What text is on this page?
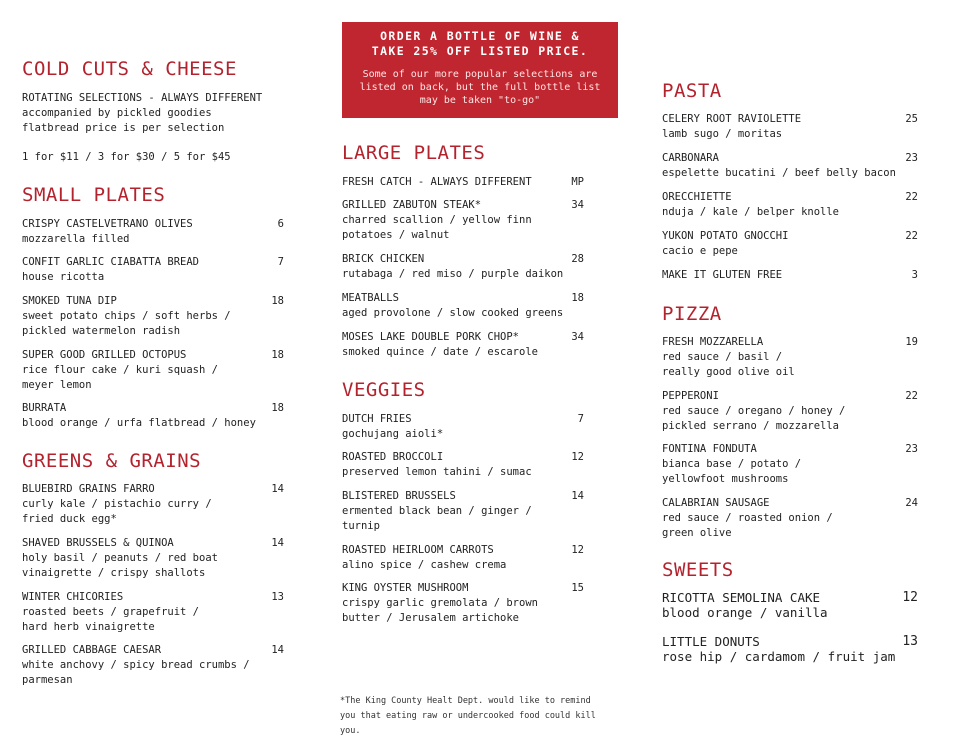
COLD CUTS & CHEESE
ROTATING SELECTIONS - ALWAYS DIFFERENT
accompanied by pickled goodies
flatbread price is per selection
1 for $11 / 3 for $30 / 5 for $45
SMALL PLATES
CRISPY CASTELVETRANO OLIVES	6
mozzarella filled
CONFIT GARLIC CIABATTA BREAD	7
house ricotta
SMOKED TUNA DIP	18
sweet potato chips / soft herbs / pickled watermelon radish
SUPER GOOD GRILLED OCTOPUS	18
rice flour cake / kuri squash / meyer lemon
BURRATA	18
blood orange / urfa flatbread / honey
GREENS & GRAINS
BLUEBIRD GRAINS FARRO	14
curly kale / pistachio curry / fried duck egg*
SHAVED BRUSSELS & QUINOA	14
holy basil / peanuts / red boat vinaigrette / crispy shallots
WINTER CHICORIES	13
roasted beets / grapefruit / hard herb vinaigrette
GRILLED CABBAGE CAESAR	14
white anchovy / spicy bread crumbs / parmesan
ORDER A BOTTLE OF WINE &
TAKE 25% OFF LISTED PRICE.
Some of our more popular selections are listed on back, but the full bottle list may be taken "to-go"
LARGE PLATES
FRESH CATCH - ALWAYS DIFFERENT	MP
GRILLED ZABUTON STEAK*	34
charred scallion / yellow finn potatoes / walnut
BRICK CHICKEN	28
rutabaga / red miso / purple daikon
MEATBALLS	18
aged provolone / slow cooked greens
MOSES LAKE DOUBLE PORK CHOP*	34
smoked quince / date / escarole
VEGGIES
DUTCH FRIES	7
gochujang aioli*
ROASTED BROCCOLI	12
preserved lemon tahini / sumac
BLISTERED BRUSSELS	14
ermented black bean / ginger / turnip
ROASTED HEIRLOOM CARROTS	12
alino spice / cashew crema
KING OYSTER MUSHROOM	15
crispy garlic gremolata / brown butter / Jerusalem artichoke
*The King County Healt Dept. would like to remind you that eating raw or undercooked food could kill you.
PASTA
CELERY ROOT RAVIOLETTE	25
lamb sugo / moritas
CARBONARA	23
espelette bucatini / beef belly bacon
ORECCHIETTE	22
nduja / kale / belper knolle
YUKON POTATO GNOCCHI	22
cacio e pepe
MAKE IT GLUTEN FREE	3
PIZZA
FRESH MOZZARELLA	19
red sauce / basil / really good olive oil
PEPPERONI	22
red sauce / oregano / honey / pickled serrano / mozzarella
FONTINA FONDUTA	23
bianca base / potato / yellowfoot mushrooms
CALABRIAN SAUSAGE	24
red sauce / roasted onion / green olive
SWEETS
RICOTTA SEMOLINA CAKE	12
blood orange / vanilla
LITTLE DONUTS	13
rose hip / cardamom / fruit jam
